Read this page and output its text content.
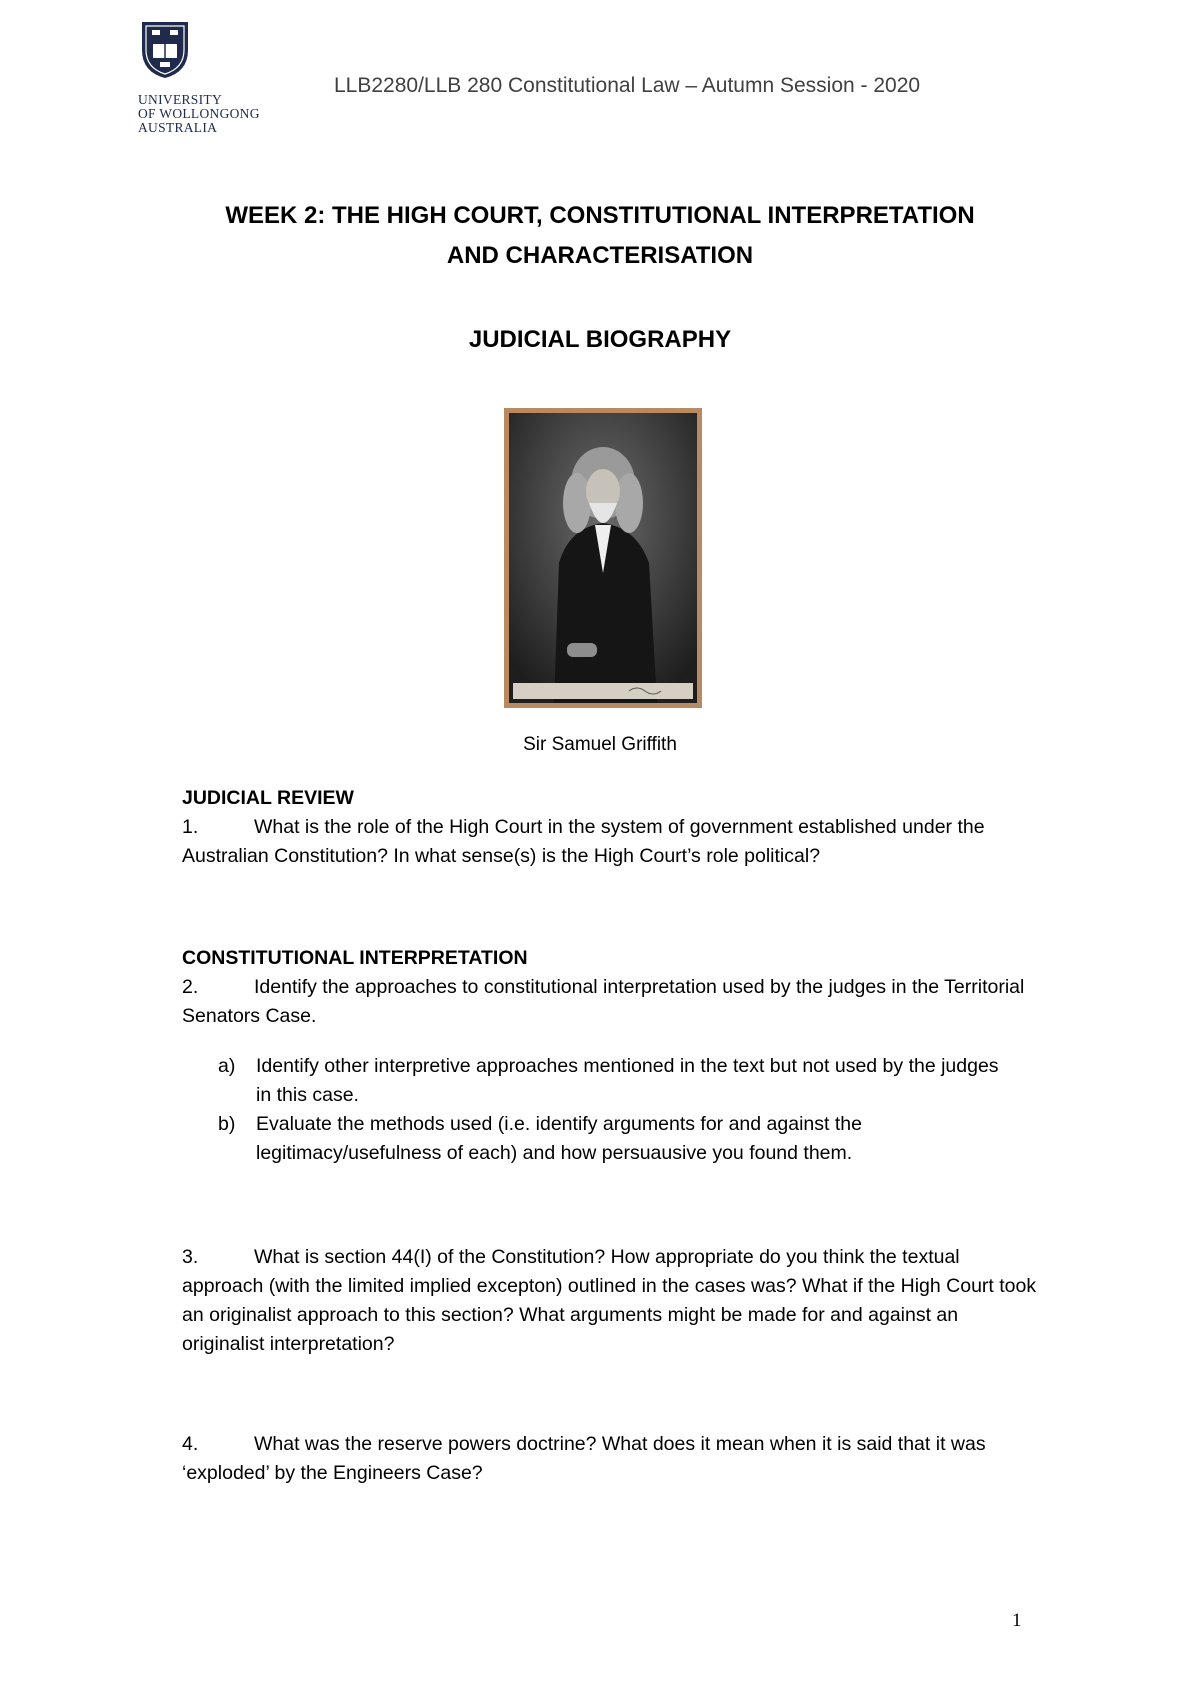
UNIVERSITY
OF WOLLONGONG
AUSTRALIA
LLB2280/LLB 280 Constitutional Law – Autumn Session - 2020
WEEK 2: THE HIGH COURT, CONSTITUTIONAL INTERPRETATION
AND CHARACTERISATION
JUDICIAL BIOGRAPHY
Sir Samuel Griffith
JUDICIAL REVIEW
1.	What is the role of the High Court in the system of government established under the Australian Constitution? In what sense(s) is the High Court’s role political?
CONSTITUTIONAL INTERPRETATION
2.	Identify the approaches to constitutional interpretation used by the judges in the Territorial Senators Case.
a) Identify other interpretive approaches mentioned in the text but not used by the judges in this case.
b) Evaluate the methods used (i.e. identify arguments for and against the legitimacy/usefulness of each) and how persuausive you found them.
3.	What is section 44(I) of the Constitution? How appropriate do you think the textual approach (with the limited implied excepton) outlined in the cases was? What if the High Court took an originalist approach to this section? What arguments might be made for and against an originalist interpretation?
4.	What was the reserve powers doctrine? What does it mean when it is said that it was ‘exploded’ by the Engineers Case?
1
